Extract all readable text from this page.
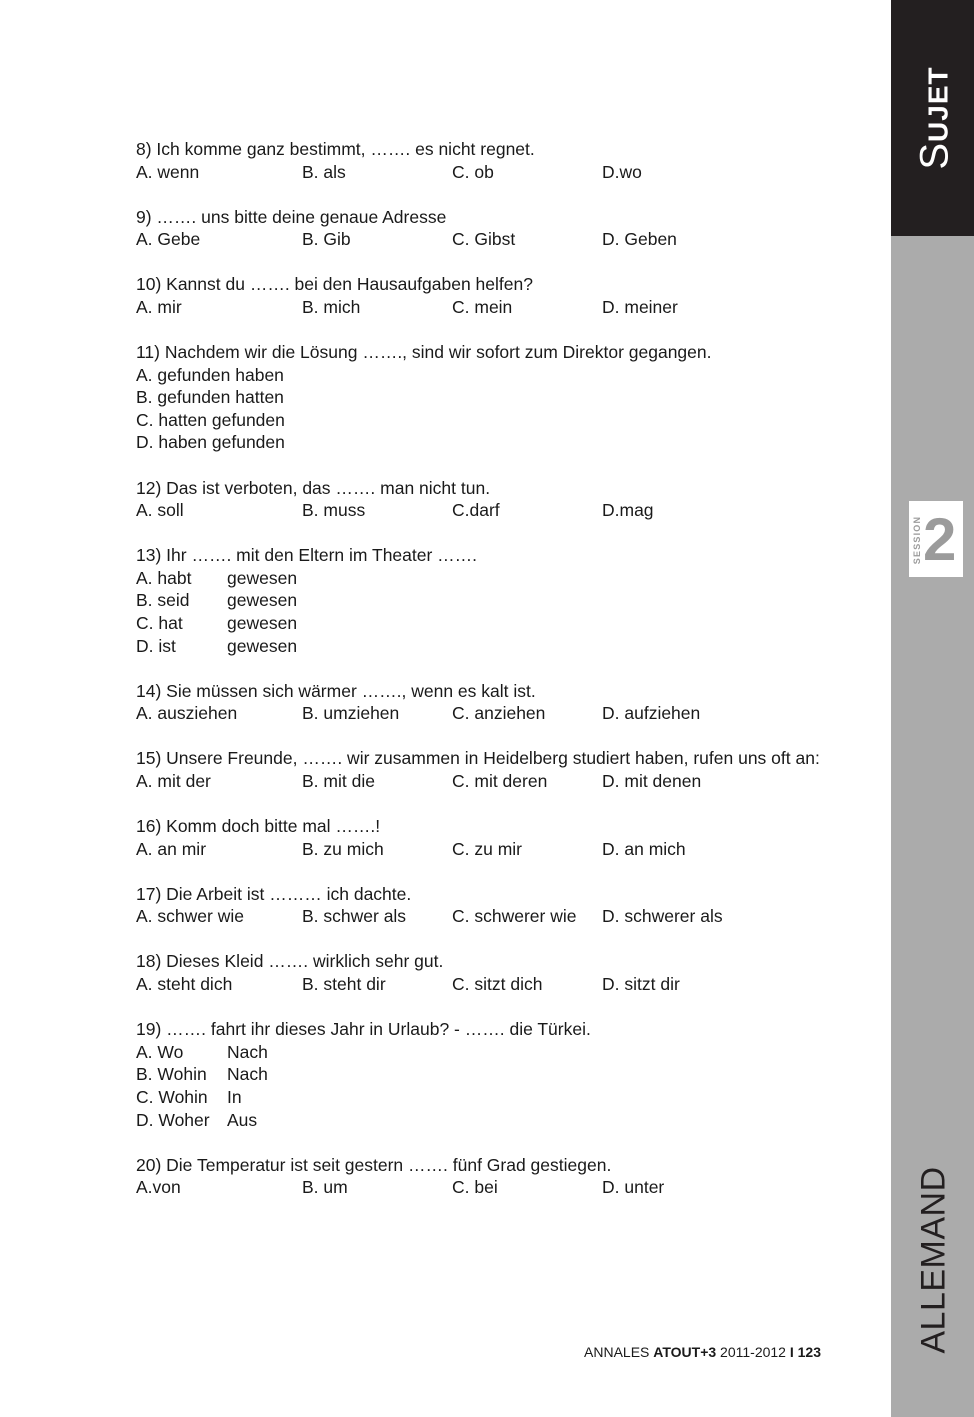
8) Ich komme ganz bestimmt, ……. es nicht regnet.
A. wenn	B. als	C. ob	D.wo
9) ……. uns bitte deine genaue Adresse
A. Gebe	B. Gib	C. Gibst	D. Geben
10) Kannst du ……. bei den Hausaufgaben helfen?
A. mir	B. mich	C. mein	D. meiner
11) Nachdem wir die Lösung ……., sind wir sofort zum Direktor gegangen.
A. gefunden haben
B. gefunden hatten
C. hatten gefunden
D. haben gefunden
12) Das ist verboten, das ……. man nicht tun.
A. soll	B. muss	C.darf	D.mag
13) Ihr ……. mit den Eltern im Theater …….
A. habt	gewesen
B. seid	gewesen
C. hat	gewesen
D. ist	gewesen
14) Sie müssen sich wärmer ……., wenn es kalt ist.
A. ausziehen	B. umziehen	C. anziehen	D. aufziehen
15) Unsere Freunde, ……. wir zusammen in Heidelberg studiert haben, rufen uns oft an:
A. mit der	B. mit die	C. mit deren	D. mit denen
16) Komm doch bitte mal …….!
A. an mir	B. zu mich	C. zu mir	D. an mich
17) Die Arbeit ist ……… ich dachte.
A. schwer wie	B. schwer als	C. schwerer wie	D. schwerer als
18) Dieses Kleid ……. wirklich sehr gut.
A. steht dich	B. steht dir	C. sitzt dich	D. sitzt dir
19) ……. fahrt ihr dieses Jahr in Urlaub? - ……. die Türkei.
A. Wo	Nach
B. Wohin	Nach
C. Wohin	In
D. Woher Aus
20) Die Temperatur ist seit gestern ……. fünf Grad gestiegen.
A.von	B. um	C. bei	D. unter
SUJET
SESSION 2
ALLEMAND
ANNALES ATOUT+3 2011-2012 I 123
